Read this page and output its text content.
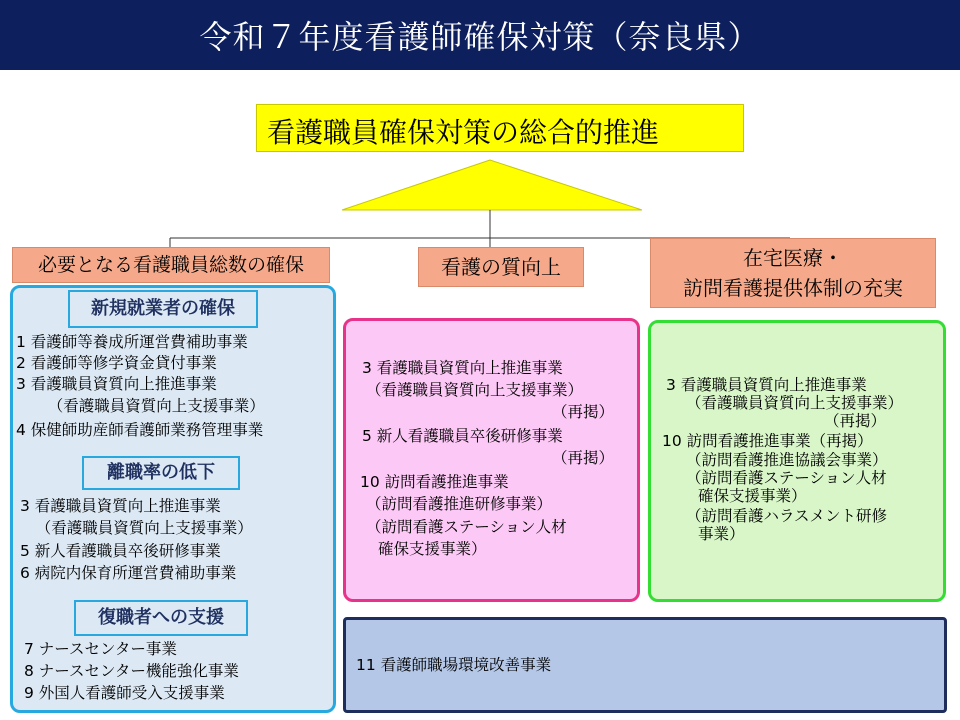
令和７年度看護師確保対策（奈良県）
看護職員確保対策の総合的推進
必要となる看護職員総数の確保	看護の質向上	在宅医療・
訪問看護提供体制の充実
新規就業者の確保
1 看護師等養成所運営費補助事業
2 看護師等修学資金貸付事業
3 看護職員資質向上推進事業
　（看護職員資質向上支援事業）
4 保健師助産師看護師業務管理事業
離職率の低下
3 看護職員資質向上推進事業
　（看護職員資質向上支援事業）
5 新人看護職員卒後研修事業
6 病院内保育所運営費補助事業
復職者への支援
7 ナースセンター事業
8 ナースセンター機能強化事業
9 外国人看護師受入支援事業
3 看護職員資質向上推進事業
（看護職員資質向上支援事業）
（再掲）
5 新人看護職員卒後研修事業
（再掲）
10 訪問看護推進事業
（訪問看護推進研修事業）
（訪問看護ステーション人材
確保支援事業）
3 看護職員資質向上推進事業
（看護職員資質向上支援事業）
（再掲）
10 訪問看護推進事業（再掲）
（訪問看護推進協議会事業）
（訪問看護ステーション人材
確保支援事業）
（訪問看護ハラスメント研修
事業）
11 看護師職場環境改善事業
